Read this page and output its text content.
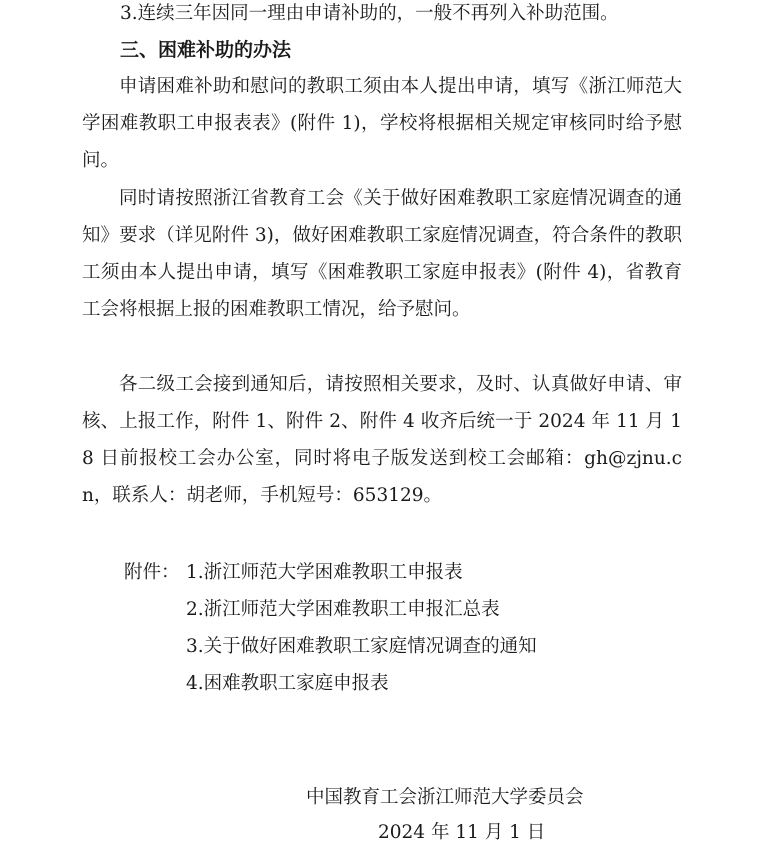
3.连续三年因同一理由申请补助的，一般不再列入补助范围。
三、困难补助的办法
申请困难补助和慰问的教职工须由本人提出申请，填写《浙江师范大学困难教职工申报表表》(附件 1)，学校将根据相关规定审核同时给予慰问。
同时请按照浙江省教育工会《关于做好困难教职工家庭情况调查的通知》要求（详见附件 3)，做好困难教职工家庭情况调查，符合条件的教职工须由本人提出申请，填写《困难教职工家庭申报表》(附件 4)，省教育工会将根据上报的困难教职工情况，给予慰问。
各二级工会接到通知后，请按照相关要求，及时、认真做好申请、审核、上报工作，附件 1、附件 2、附件 4 收齐后统一于 2024 年 11 月 18 日前报校工会办公室，同时将电子版发送到校工会邮箱：gh@zjnu.cn，联系人：胡老师，手机短号：653129。
附件： 1.浙江师范大学困难教职工申报表
2.浙江师范大学困难教职工申报汇总表
3.关于做好困难教职工家庭情况调查的通知
4.困难教职工家庭申报表
中国教育工会浙江师范大学委员会
2024 年 11 月 1 日
